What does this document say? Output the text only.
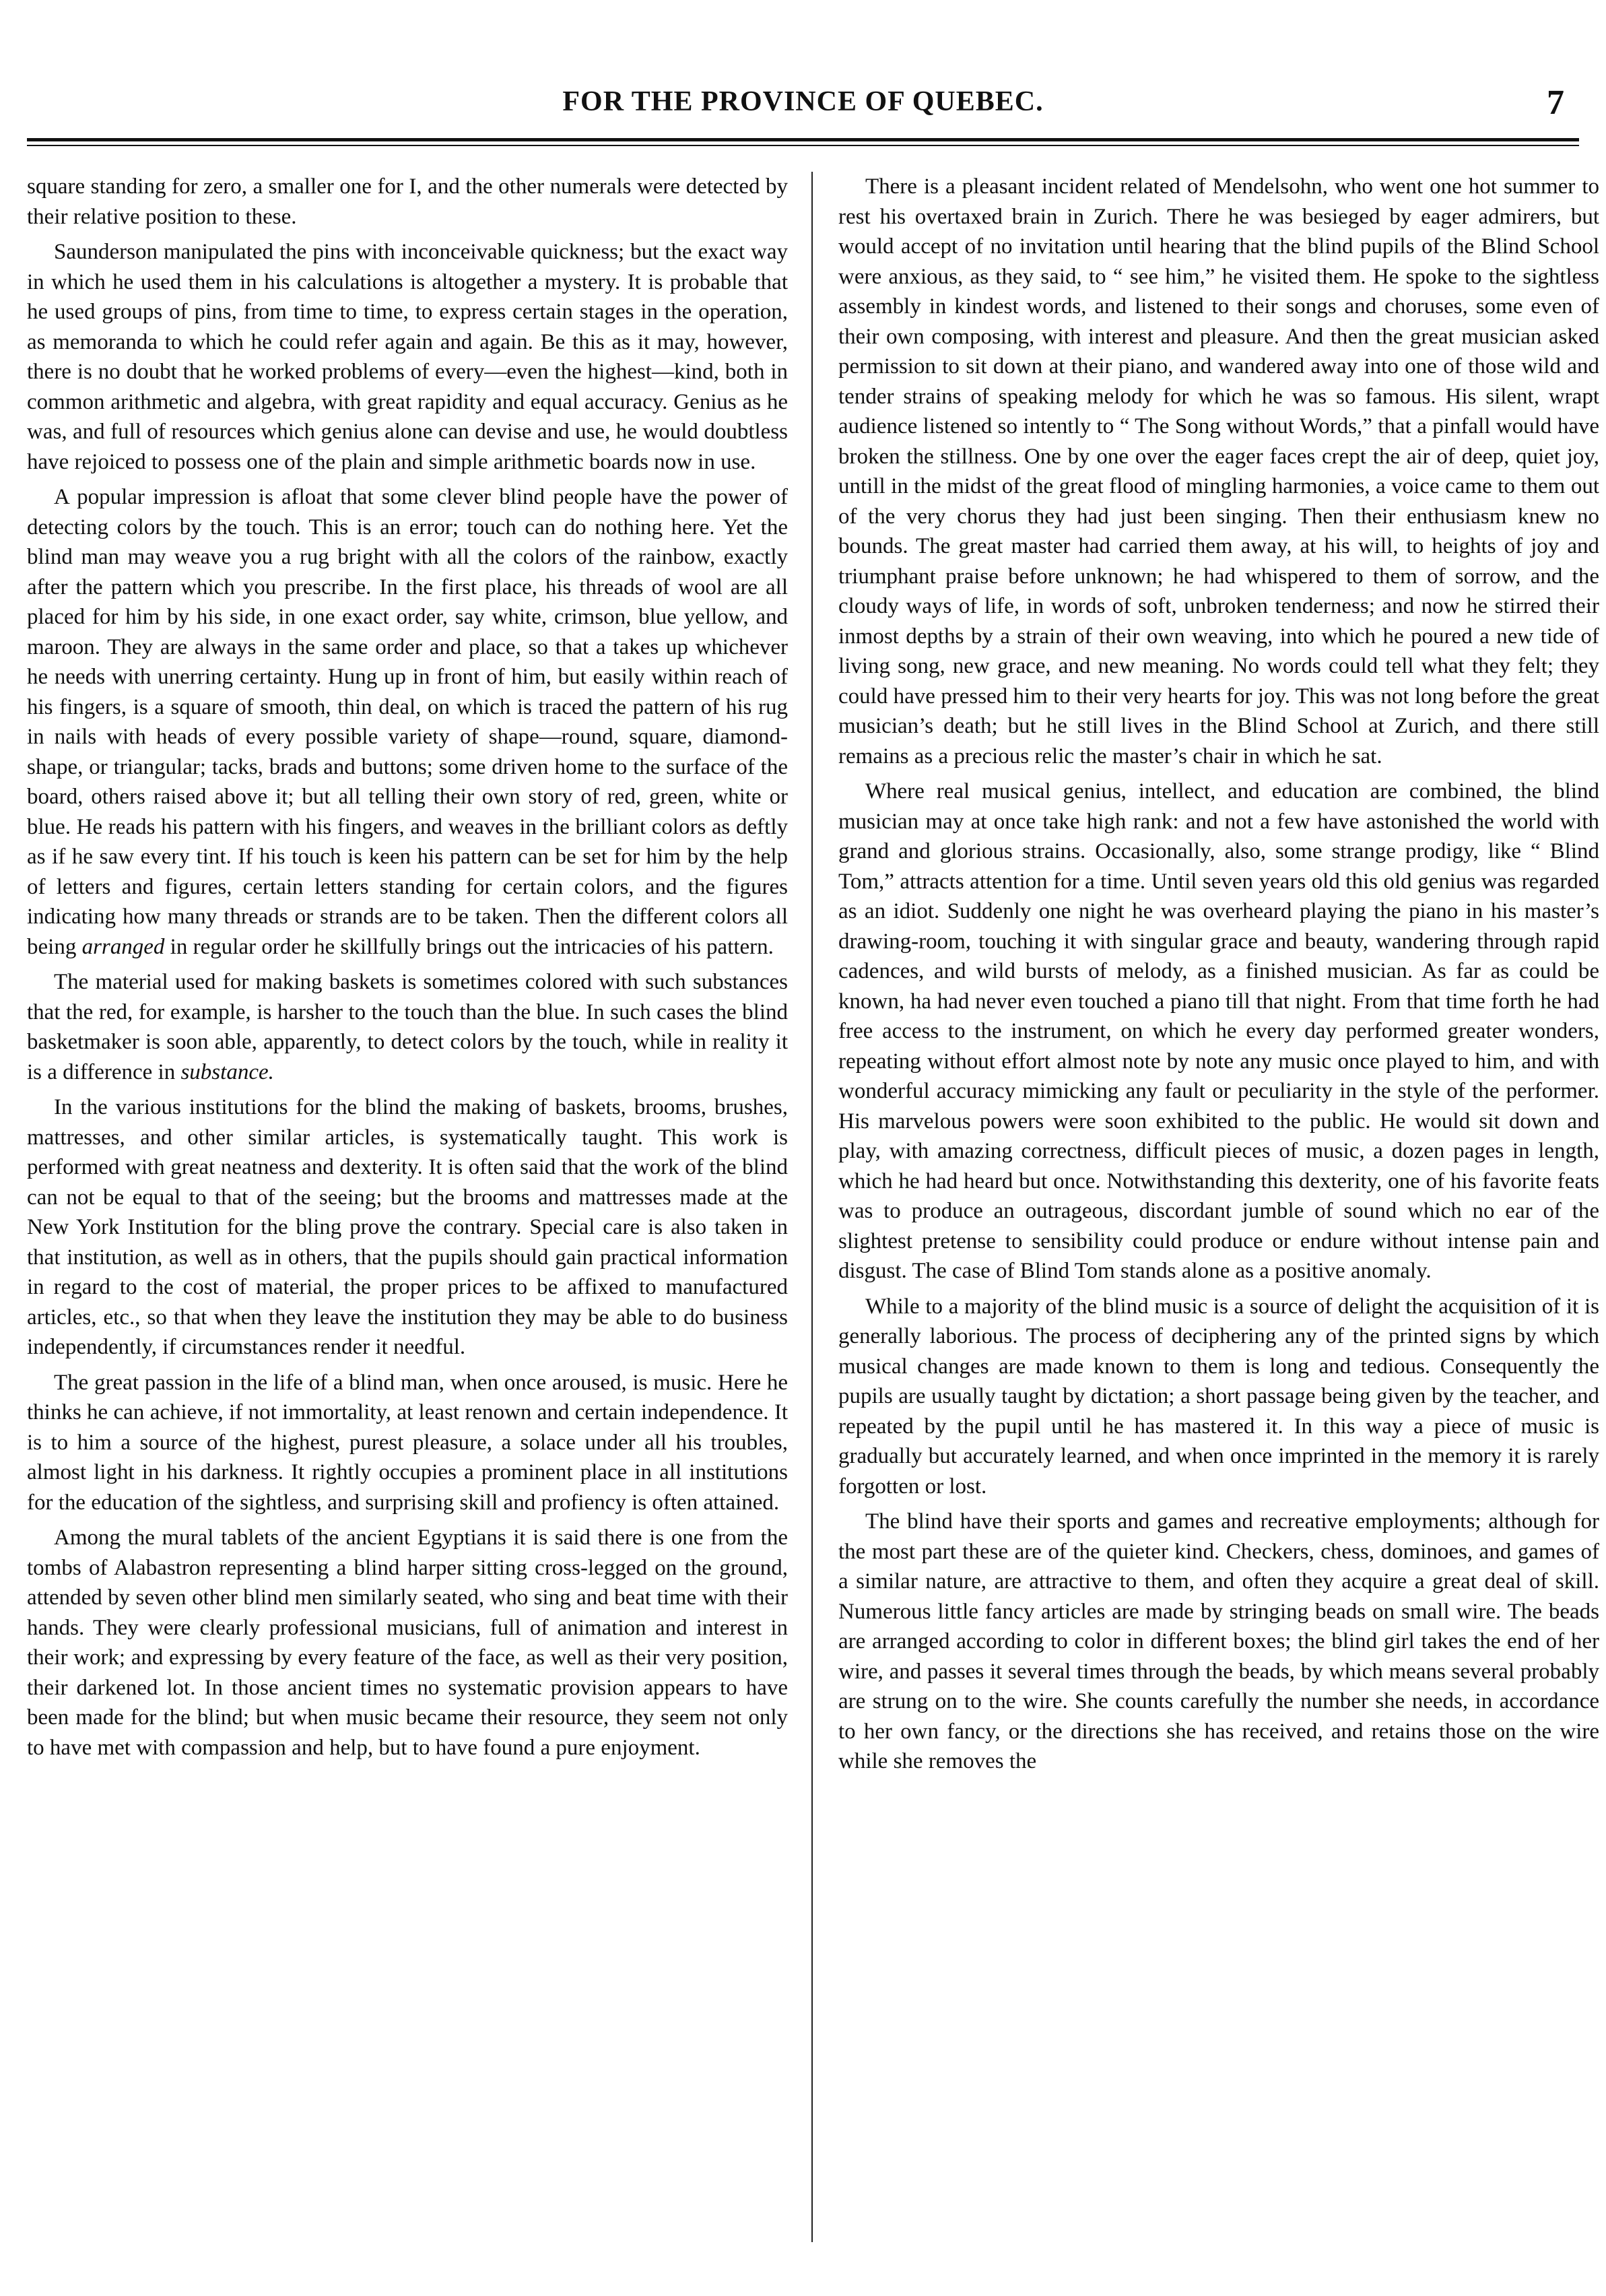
FOR THE PROVINCE OF QUEBEC.	7

square standing for zero, a smaller one for I, and the other numerals were detected by their relative position to these.

Saunderson manipulated the pins with inconceivable quickness; but the exact way in which he used them in his calculations is altogether a mystery. It is probable that he used groups of pins, from time to time, to express certain stages in the operation, as memoranda to which he could refer again and again. Be this as it may, however, there is no doubt that he worked problems of every—even the highest—kind, both in common arithmetic and algebra, with great rapidity and equal accuracy. Genius as he was, and full of resources which genius alone can devise and use, he would doubtless have rejoiced to possess one of the plain and simple arithmetic boards now in use.

A popular impression is afloat that some clever blind people have the power of detecting colors by the touch. This is an error; touch can do nothing here. Yet the blind man may weave you a rug bright with all the colors of the rainbow, exactly after the pattern which you prescribe. In the first place, his threads of wool are all placed for him by his side, in one exact order, say white, crimson, blue yellow, and maroon. They are always in the same order and place, so that a takes up whichever he needs with unerring certainty. Hung up in front of him, but easily within reach of his fingers, is a square of smooth, thin deal, on which is traced the pattern of his rug in nails with heads of every possible variety of shape—round, square, diamond-shape, or triangular; tacks, brads and buttons; some driven home to the surface of the board, others raised above it; but all telling their own story of red, green, white or blue. He reads his pattern with his fingers, and weaves in the brilliant colors as deftly as if he saw every tint. If his touch is keen his pattern can be set for him by the help of letters and figures, certain letters standing for certain colors, and the figures indicating how many threads or strands are to be taken. Then the different colors all being arranged in regular order he skillfully brings out the intricacies of his pattern.

The material used for making baskets is sometimes colored with such substances that the red, for example, is harsher to the touch than the blue. In such cases the blind basketmaker is soon able, apparently, to detect colors by the touch, while in reality it is a difference in substance.

In the various institutions for the blind the making of baskets, brooms, brushes, mattresses, and other similar articles, is systematically taught. This work is performed with great neatness and dexterity. It is often said that the work of the blind can not be equal to that of the seeing; but the brooms and mattresses made at the New York Institution for the bling prove the contrary. Special care is also taken in that institution, as well as in others, that the pupils should gain practical information in regard to the cost of material, the proper prices to be affixed to manufactured articles, etc., so that when they leave the institution they may be able to do business independently, if circumstances render it needful.

The great passion in the life of a blind man, when once aroused, is music. Here he thinks he can achieve, if not immortality, at least renown and certain independence. It is to him a source of the highest, purest pleasure, a solace under all his troubles, almost light in his darkness. It rightly occupies a prominent place in all institutions for the education of the sightless, and surprising skill and profiency is often attained.

Among the mural tablets of the ancient Egyptians it is said there is one from the tombs of Alabastron representing a blind harper sitting cross-legged on the ground, attended by seven other blind men similarly seated, who sing and beat time with their hands. They were clearly professional musicians, full of animation and interest in their work; and expressing by every feature of the face, as well as their very position, their darkened lot. In those ancient times no systematic provision appears to have been made for the blind; but when music became their resource, they seem not only to have met with compassion and help, but to have found a pure enjoyment.

There is a pleasant incident related of Mendelsohn, who went one hot summer to rest his overtaxed brain in Zurich. There he was besieged by eager admirers, but would accept of no invitation until hearing that the blind pupils of the Blind School were anxious, as they said, to “ see him,” he visited them. He spoke to the sightless assembly in kindest words, and listened to their songs and choruses, some even of their own composing, with interest and pleasure. And then the great musician asked permission to sit down at their piano, and wandered away into one of those wild and tender strains of speaking melody for which he was so famous. His silent, wrapt audience listened so intently to “ The Song without Words,” that a pinfall would have broken the stillness. One by one over the eager faces crept the air of deep, quiet joy, untill in the midst of the great flood of mingling harmonies, a voice came to them out of the very chorus they had just been singing. Then their enthusiasm knew no bounds. The great master had carried them away, at his will, to heights of joy and triumphant praise before unknown; he had whispered to them of sorrow, and the cloudy ways of life, in words of soft, unbroken tenderness; and now he stirred their inmost depths by a strain of their own weaving, into which he poured a new tide of living song, new grace, and new meaning. No words could tell what they felt; they could have pressed him to their very hearts for joy. This was not long before the great musician’s death; but he still lives in the Blind School at Zurich, and there still remains as a precious relic the master’s chair in which he sat.

Where real musical genius, intellect, and education are combined, the blind musician may at once take high rank: and not a few have astonished the world with grand and glorious strains. Occasionally, also, some strange prodigy, like “ Blind Tom,” attracts attention for a time. Until seven years old this old genius was regarded as an idiot. Suddenly one night he was overheard playing the piano in his master’s drawing-room, touching it with singular grace and beauty, wandering through rapid cadences, and wild bursts of melody, as a finished musician. As far as could be known, ha had never even touched a piano till that night. From that time forth he had free access to the instrument, on which he every day performed greater wonders, repeating without effort almost note by note any music once played to him, and with wonderful accuracy mimicking any fault or peculiarity in the style of the performer. His marvelous powers were soon exhibited to the public. He would sit down and play, with amazing correctness, difficult pieces of music, a dozen pages in length, which he had heard but once. Notwithstanding this dexterity, one of his favorite feats was to produce an outrageous, discordant jumble of sound which no ear of the slightest pretense to sensibility could produce or endure without intense pain and disgust. The case of Blind Tom stands alone as a positive anomaly.

While to a majority of the blind music is a source of delight the acquisition of it is generally laborious. The process of deciphering any of the printed signs by which musical changes are made known to them is long and tedious. Consequently the pupils are usually taught by dictation; a short passage being given by the teacher, and repeated by the pupil until he has mastered it. In this way a piece of music is gradually but accurately learned, and when once imprinted in the memory it is rarely forgotten or lost.

The blind have their sports and games and recreative employments; although for the most part these are of the quieter kind. Checkers, chess, dominoes, and games of a similar nature, are attractive to them, and often they acquire a great deal of skill. Numerous little fancy articles are made by stringing beads on small wire. The beads are arranged according to color in different boxes; the blind girl takes the end of her wire, and passes it several times through the beads, by which means several probably are strung on to the wire. She counts carefully the number she needs, in accordance to her own fancy, or the directions she has received, and retains those on the wire while she removes the
